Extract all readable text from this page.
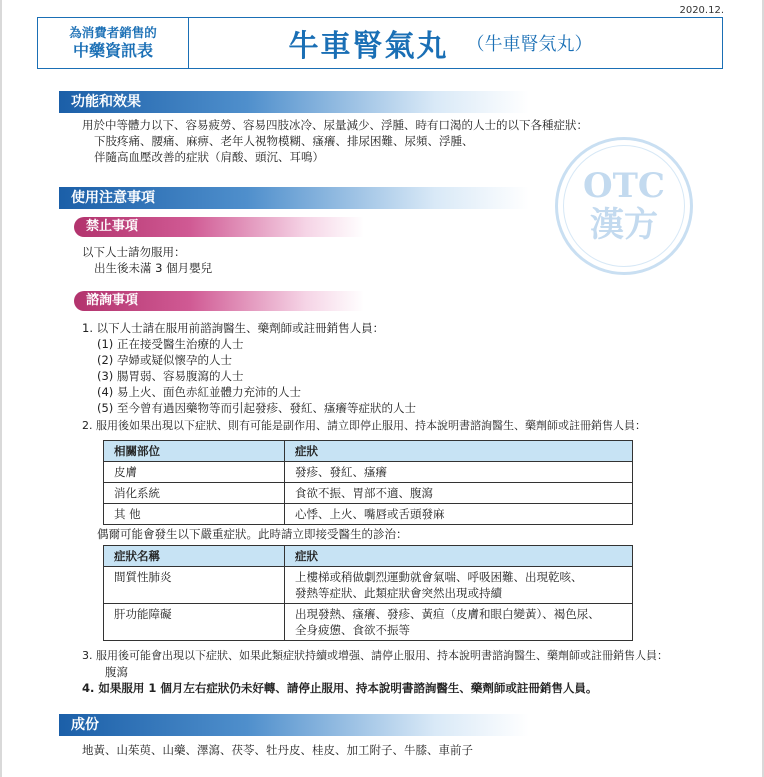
2020.12.
為消費者銷售的
中藥資訊表	牛車腎氣丸 （牛車腎気丸）
功能和效果
用於中等體力以下、容易疲勞、容易四肢冰冷、尿量減少、浮腫、時有口渴的人士的以下各種症狀：
下肢疼痛、腰痛、麻痹、老年人視物模糊、瘙癢、排尿困難、尿頻、浮腫、
伴隨高血壓改善的症狀（肩酸、頭沉、耳鳴）
OTC
漢方
使用注意事項
禁止事項
以下人士請勿服用：
出生後未滿 3 個月嬰兒
諮詢事項
1. 以下人士請在服用前諮詢醫生、藥劑師或註冊銷售人員：
(1) 正在接受醫生治療的人士
(2) 孕婦或疑似懷孕的人士
(3) 腸胃弱、容易腹瀉的人士
(4) 易上火、面色赤紅並體力充沛的人士
(5) 至今曾有過因藥物等而引起發疹、發紅、瘙癢等症狀的人士
2. 服用後如果出現以下症狀、則有可能是副作用、請立即停止服用、持本說明書諮詢醫生、藥劑師或註冊銷售人員：
相關部位	症狀
皮膚	發疹、發紅、瘙癢
消化系統	食欲不振、胃部不適、腹瀉
其 他	心悸、上火、嘴唇或舌頭發麻
偶爾可能會發生以下嚴重症狀。此時請立即接受醫生的診治：
症狀名稱	症狀
間質性肺炎	上樓梯或稍做劇烈運動就會氣喘、呼吸困難、出現乾咳、
發熱等症狀、此類症狀會突然出現或持續

肝功能障礙	出現發熱、瘙癢、發疹、黃疸（皮膚和眼白變黃）、褐色尿、
全身疲憊、食欲不振等
3. 服用後可能會出現以下症狀、如果此類症狀持續或增强、請停止服用、持本說明書諮詢醫生、藥劑師或註冊銷售人員：
腹瀉
4. 如果服用 1 個月左右症狀仍未好轉、請停止服用、持本說明書諮詢醫生、藥劑師或註冊銷售人員。
成份
地黃、山茱萸、山藥、澤瀉、茯苓、牡丹皮、桂皮、加工附子、牛膝、車前子
